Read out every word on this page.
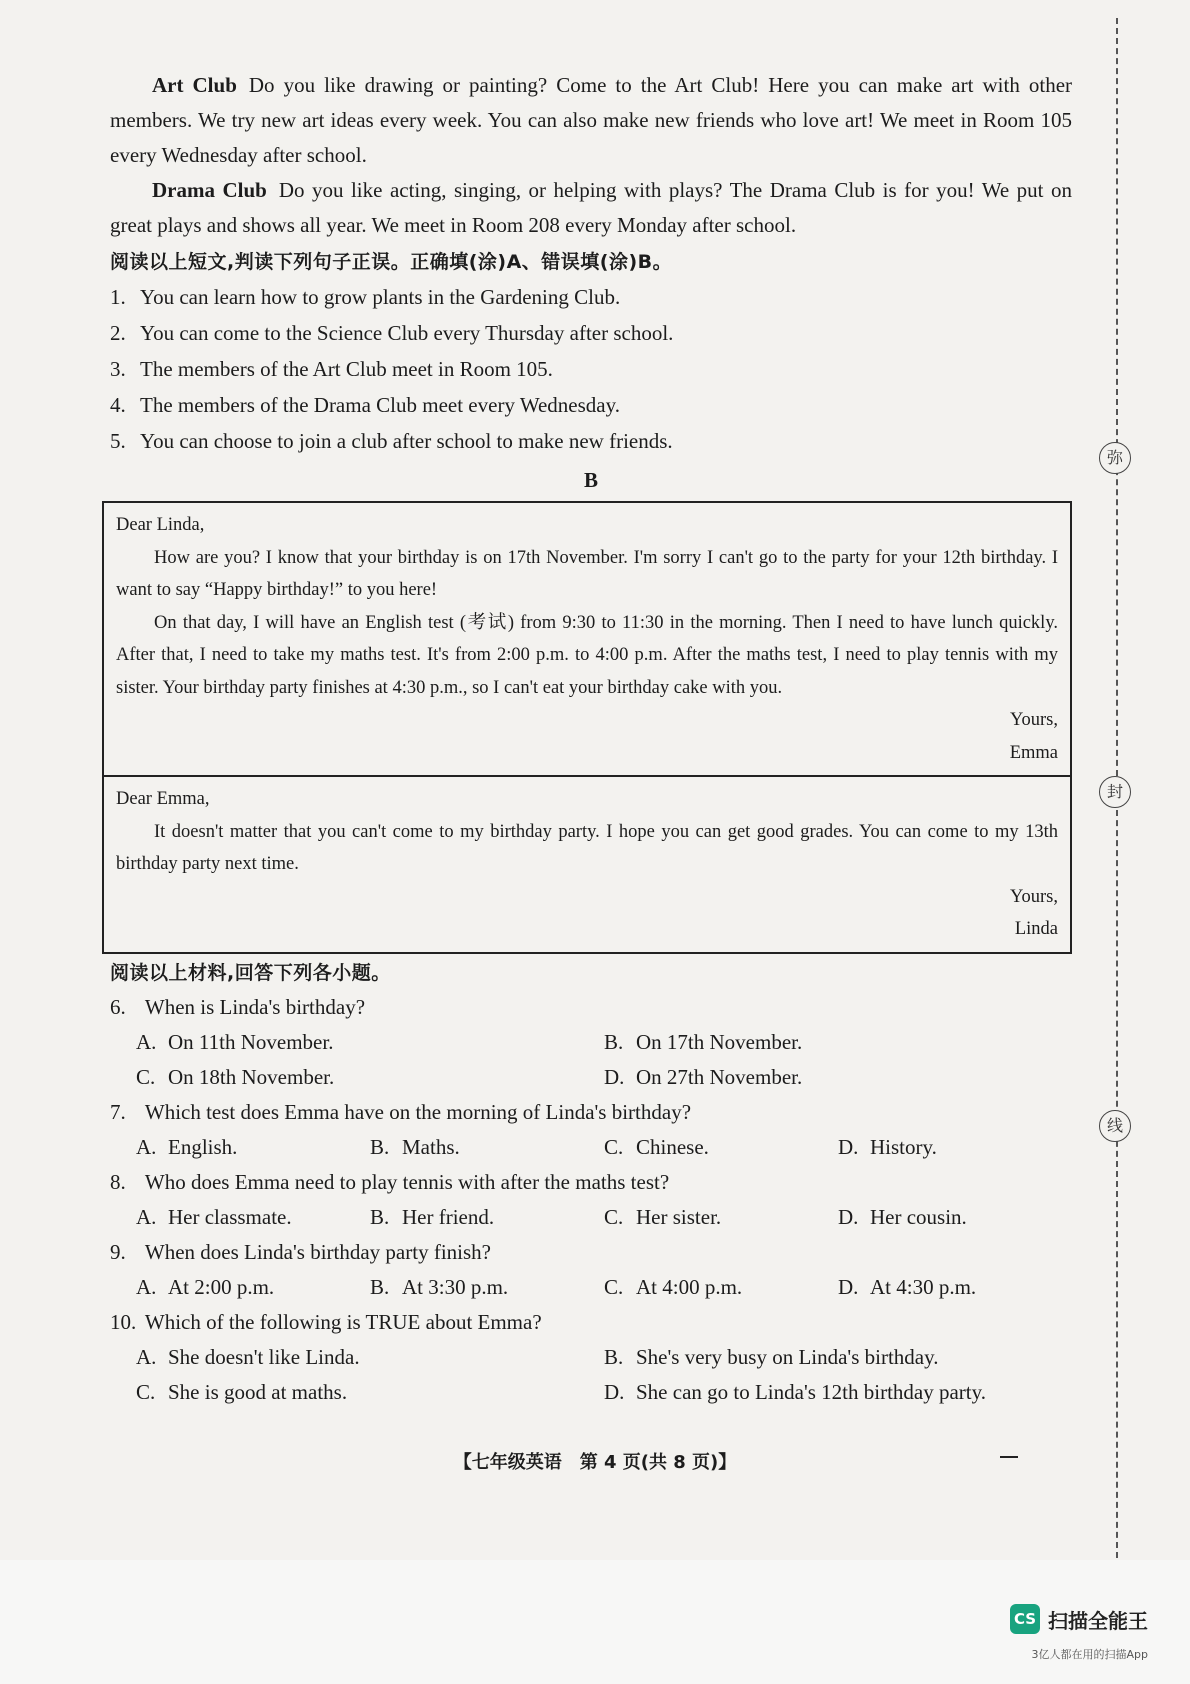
Art Club Do you like drawing or painting? Come to the Art Club! Here you can make art with other members. We try new art ideas every week. You can also make new friends who love art! We meet in Room 105 every Wednesday after school.

Drama Club Do you like acting, singing, or helping with plays? The Drama Club is for you! We put on great plays and shows all year. We meet in Room 208 every Monday after school.

阅读以上短文,判读下列句子正误。正确填(涂)A、错误填(涂)B。

1. You can learn how to grow plants in the Gardening Club.

2. You can come to the Science Club every Thursday after school.

3. The members of the Art Club meet in Room 105.

4. The members of the Drama Club meet every Wednesday.

5. You can choose to join a club after school to make new friends.

B

Dear Linda,

How are you? I know that your birthday is on 17th November. I'm sorry I can't go to the party for your 12th birthday. I want to say “Happy birthday!” to you here!

On that day, I will have an English test (考试) from 9:30 to 11:30 in the morning. Then I need to have lunch quickly. After that, I need to take my maths test. It's from 2:00 p.m. to 4:00 p.m. After the maths test, I need to play tennis with my sister. Your birthday party finishes at 4:30 p.m., so I can't eat your birthday cake with you.

Yours,

Emma

Dear Emma,

It doesn't matter that you can't come to my birthday party. I hope you can get good grades. You can come to my 13th birthday party next time.

Yours,

Linda

阅读以上材料,回答下列各小题。

6. When is Linda's birthday?

A. On 11th November.	B. On 17th November.
C. On 18th November.	D. On 27th November.

7. Which test does Emma have on the morning of Linda's birthday?

A. English.	B. Maths.	C. Chinese.	D. History.

8. Who does Emma need to play tennis with after the maths test?

A. Her classmate.	B. Her friend.	C. Her sister.	D. Her cousin.

9. When does Linda's birthday party finish?

A. At 2:00 p.m.	B. At 3:30 p.m.	C. At 4:00 p.m.	D. At 4:30 p.m.

10. Which of the following is TRUE about Emma?

A. She doesn't like Linda.	B. She's very busy on Linda's birthday.
C. She is good at maths.	D. She can go to Linda's 12th birthday party.
【七年级英语　第 4 页(共 8 页)】
弥
封
线
CS 扫描全能王
3亿人都在用的扫描App
